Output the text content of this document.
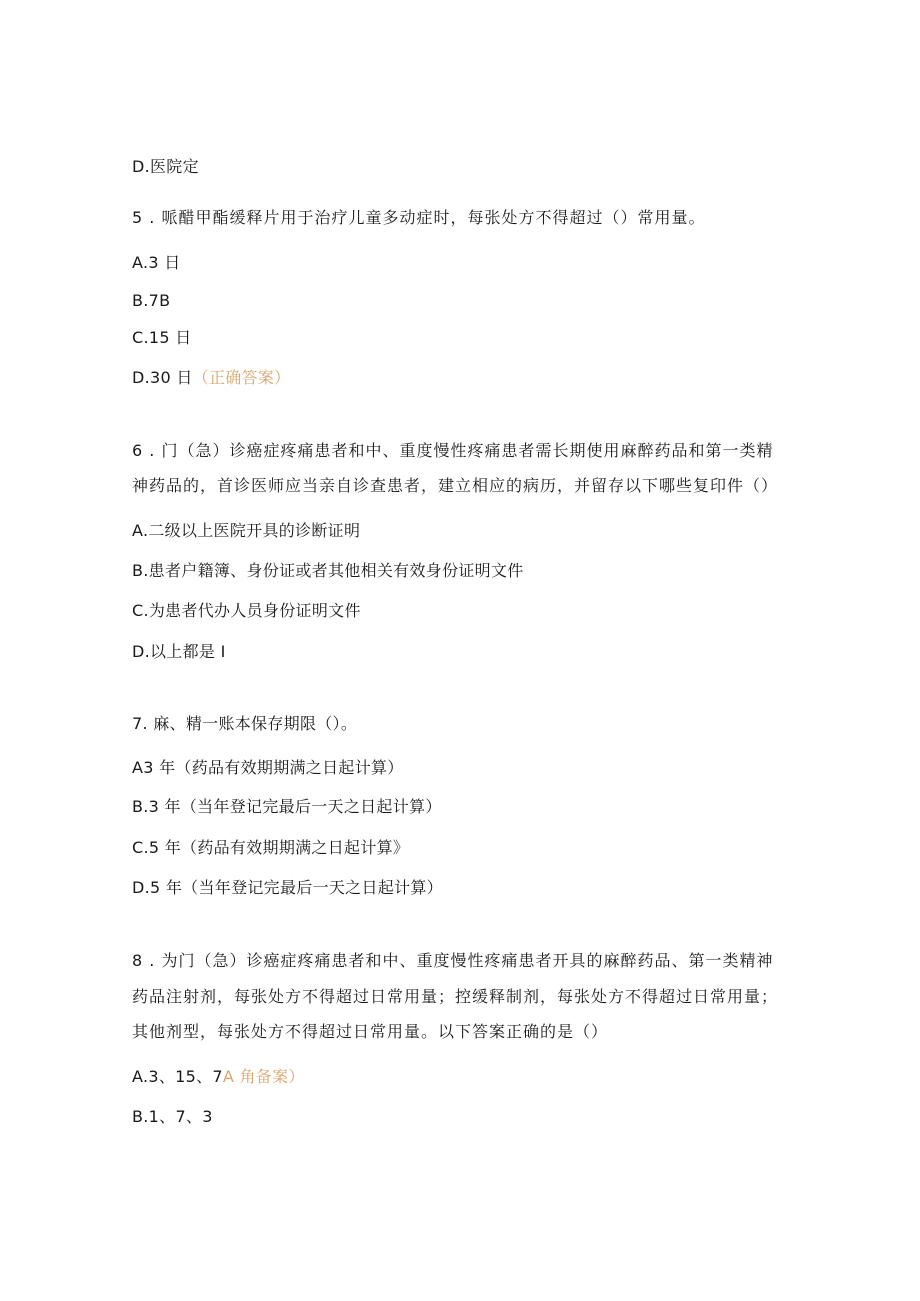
D.医院定
5 . 哌醋甲酯缓释片用于治疗儿童多动症时，每张处方不得超过（）常用量。
A.3 日
B.7B
C.15 日
D.30 日（正确答案）
6 . 门（急）诊癌症疼痛患者和中、重度慢性疼痛患者需长期使用麻醉药品和第一类精
神药品的，首诊医师应当亲自诊查患者，建立相应的病历，并留存以下哪些复印件（）
A.二级以上医院开具的诊断证明
B.患者户籍簿、身份证或者其他相关有效身份证明文件
C.为患者代办人员身份证明文件
D.以上都是 I
7. 麻、精一账本保存期限（）。
A3 年（药品有效期期满之日起计算）
B.3 年（当年登记完最后一天之日起计算）
C.5 年（药品有效期期满之日起计算》
D.5 年（当年登记完最后一天之日起计算）
8 . 为门（急）诊癌症疼痛患者和中、重度慢性疼痛患者开具的麻醉药品、第一类精神
药品注射剂，每张处方不得超过日常用量；控缓释制剂，每张处方不得超过日常用量；
其他剂型，每张处方不得超过日常用量。以下答案正确的是（）
A.3、15、7A 角备案）
B.1、7、3
